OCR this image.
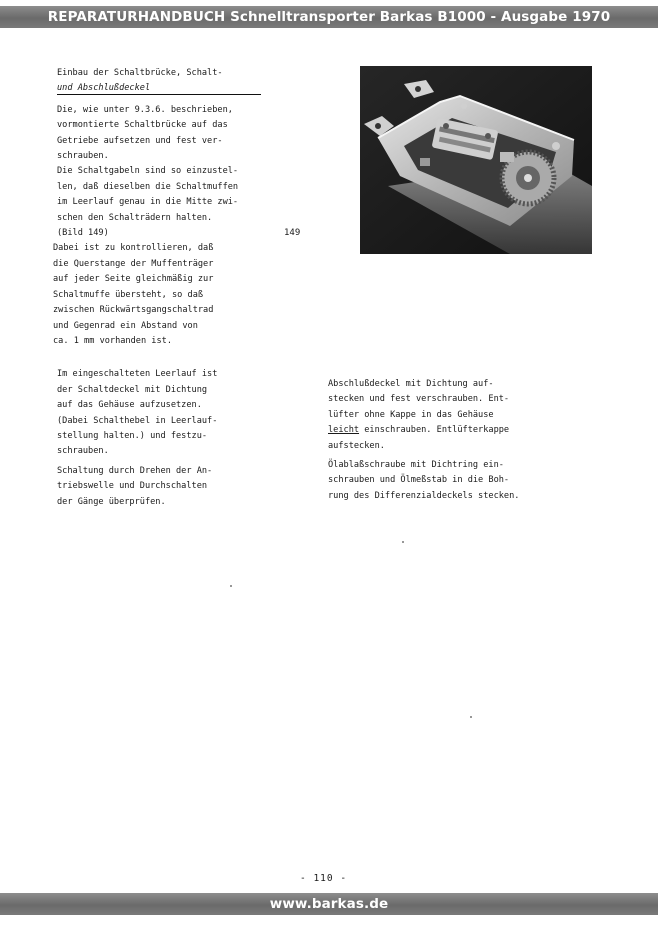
REPARATURHANDBUCH Schnelltransporter Barkas B1000 - Ausgabe 1970

Einbau der Schaltbrücke, Schalt-

und Abschlußdeckel

Die, wie unter 9.3.6. beschrieben,

vormontierte Schaltbrücke auf das

Getriebe aufsetzen und fest ver-

schrauben.

Die Schaltgabeln sind so einzustel-

len, daß dieselben die Schaltmuffen

im Leerlauf genau in die Mitte zwi-

schen den Schalträdern halten.

(Bild 149)

Dabei ist zu kontrollieren, daß

die Querstange der Muffenträger

auf jeder Seite gleichmäßig zur

Schaltmuffe übersteht, so daß

zwischen Rückwärtsgangschaltrad

und Gegenrad ein Abstand von

ca. 1 mm vorhanden ist.

Im eingeschalteten Leerlauf ist

der Schaltdeckel mit Dichtung

auf das Gehäuse aufzusetzen.

(Dabei Schalthebel in Leerlauf-

stellung halten.) und festzu-

schrauben.

Schaltung durch Drehen der An-

triebswelle und Durchschalten

der Gänge überprüfen.

149

Abschlußdeckel mit Dichtung auf-

stecken und fest verschrauben. Ent-

lüfter ohne Kappe in das Gehäuse

leicht einschrauben. Entlüfterkappe

aufstecken.

Ölablaßschraube mit Dichtring ein-

schrauben und Ölmeßstab in die Boh-

rung des Differenzialdeckels stecken.

- 110 -
www.barkas.de
